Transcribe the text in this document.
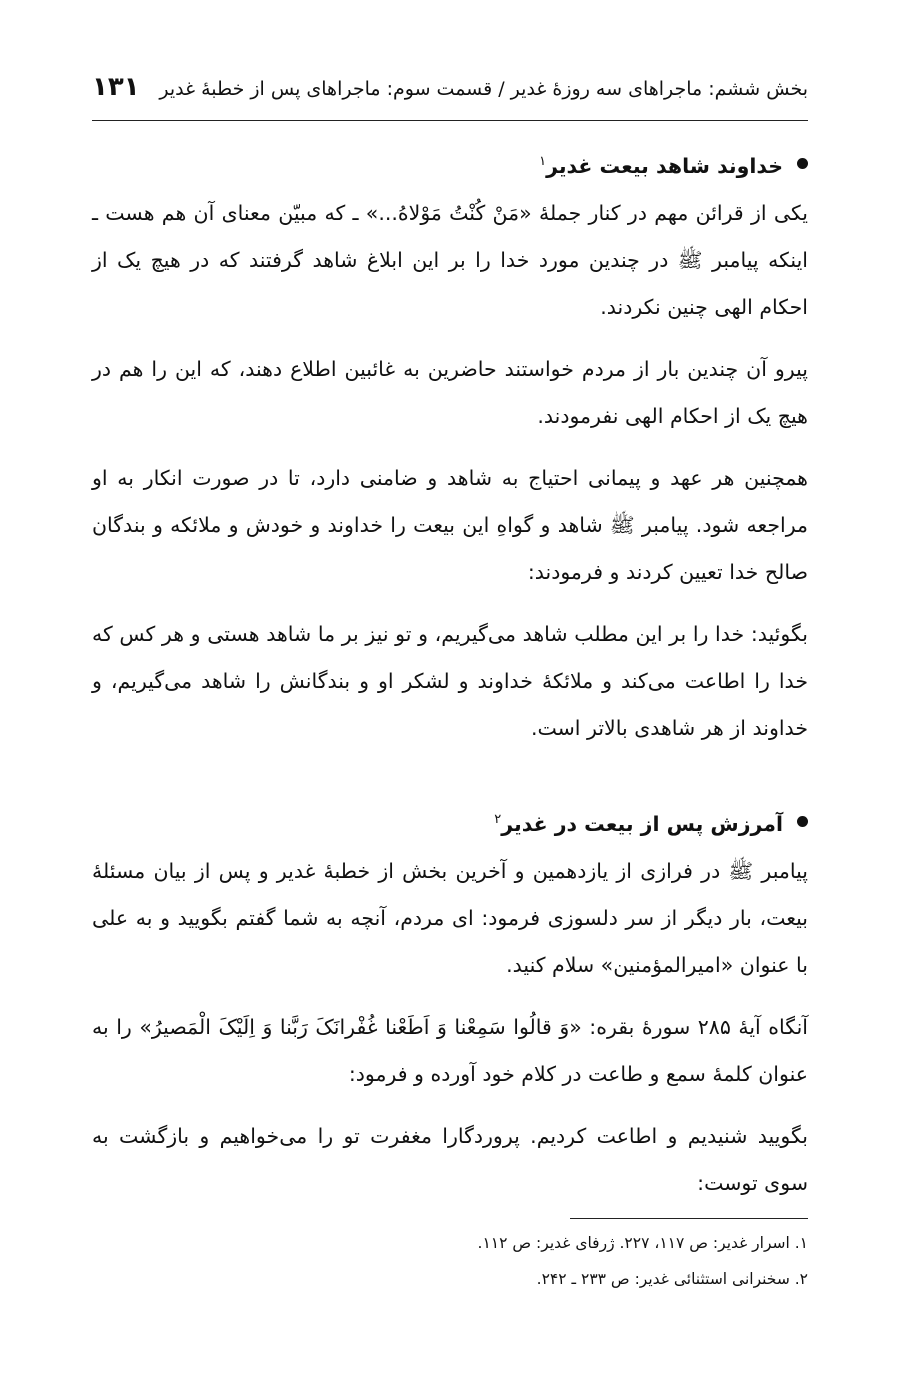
بخش ششم: ماجراهای سه روزهٔ غدیر / قسمت سوم: ماجراهای پس از خطبهٔ غدیر
۱۳۱
خداوند شاهد بیعت غدیر$^۱$

یکی از قرائن مهم در کنار جملهٔ «مَنْ كُنْتُ مَوْلاهُ...» ـ که مبیّن معنای آن هم هست ـ اینکه پیامبر ﷺ در چندین مورد خدا را بر این ابلاغ شاهد گرفتند که در هیچ یک از احکام الهی چنین نکردند.

پیرو آن چندین بار از مردم خواستند حاضرین به غائبین اطلاع دهند، که این را هم در هیچ یک از احکام الهی نفرمودند.

همچنین هر عهد و پیمانی احتیاج به شاهد و ضامنی دارد، تا در صورت انکار به او مراجعه شود. پیامبر ﷺ شاهد و گواهِ این بیعت را خداوند و خودش و ملائکه و بندگان صالح خدا تعیین کردند و فرمودند:

بگوئید: خدا را بر این مطلب شاهد می‌گیریم، و تو نیز بر ما شاهد هستی و هر کس که خدا را اطاعت می‌کند و ملائکهٔ خداوند و لشکر او و بندگانش را شاهد می‌گیریم، و خداوند از هر شاهدی بالاتر است.

آمرزش پس از بیعت در غدیر$^۲$

پیامبر ﷺ در فرازی از یازدهمین و آخرین بخش از خطبهٔ غدیر و پس از بیان مسئلهٔ بیعت، بار دیگر از سر دلسوزی فرمود: ای مردم، آنچه به شما گفتم بگویید و به علی با عنوان «امیرالمؤمنین» سلام کنید.

آنگاه آیهٔ ۲۸۵ سورهٔ بقره: «وَ قالُوا سَمِعْنا وَ اَطَعْنا غُفْرانَکَ رَبَّنا وَ اِلَیْکَ الْمَصیرُ» را به عنوان کلمهٔ سمع و طاعت در کلام خود آورده و فرمود:

بگویید شنیدیم و اطاعت کردیم. پروردگارا مغفرت تو را می‌خواهیم و بازگشت به سوی توست:

۱. اسرار غدیر: ص ۱۱۷، ۲۲۷. ژرفای غدیر: ص ۱۱۲.

۲. سخنرانی استثنائی غدیر: ص ۲۳۳ ـ ۲۴۲.
